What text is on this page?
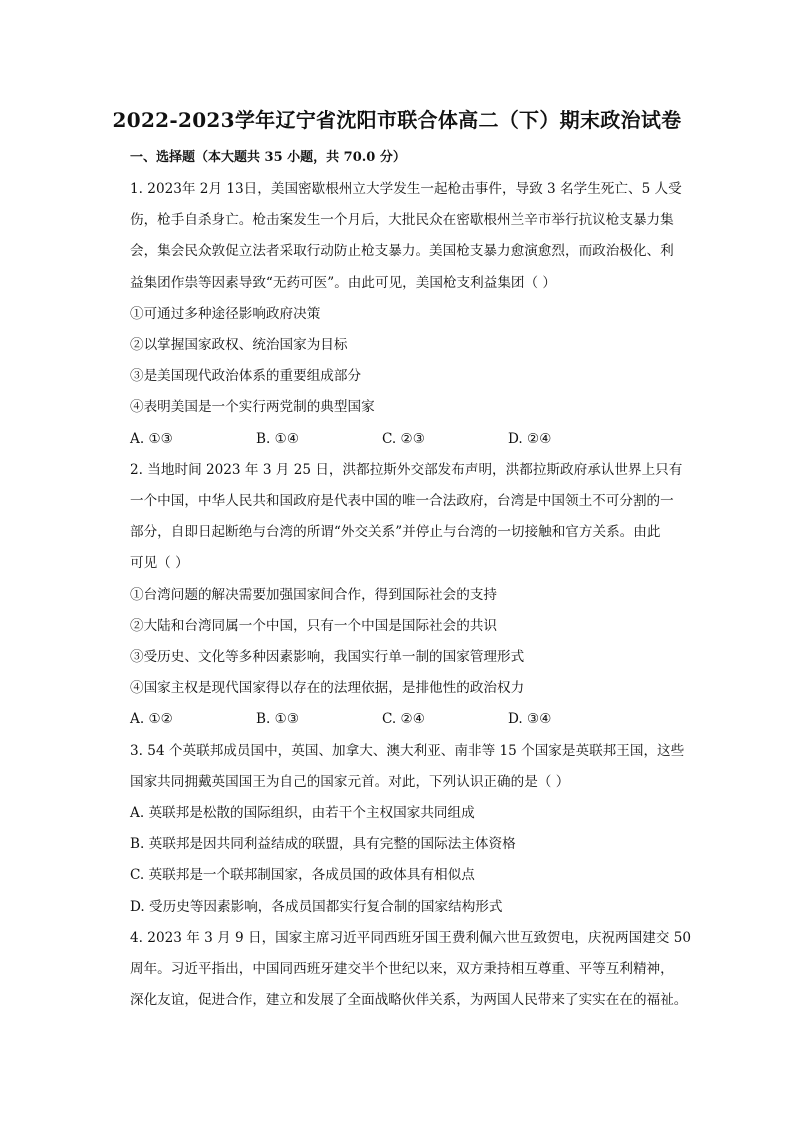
2022-2023学年辽宁省沈阳市联合体高二（下）期末政治试卷
一、选择题（本大题共 35 小题，共 70.0 分）
1. 2023年 2月 13日，美国密歇根州立大学发生一起枪击事件，导致 3 名学生死亡、5 人受
伤，枪手自杀身亡。枪击案发生一个月后，大批民众在密歇根州兰辛市举行抗议枪支暴力集
会，集会民众敦促立法者采取行动防止枪支暴力。美国枪支暴力愈演愈烈，而政治极化、利
益集团作祟等因素导致“无药可医”。由此可见，美国枪支利益集团（ ）
①可通过多种途径影响政府决策
②以掌握国家政权、统治国家为目标
③是美国现代政治体系的重要组成部分
④表明美国是一个实行两党制的典型国家
A. ①③	B. ①④	C. ②③	D. ②④
2. 当地时间 2023 年 3 月 25 日，洪都拉斯外交部发布声明，洪都拉斯政府承认世界上只有
一个中国，中华人民共和国政府是代表中国的唯一合法政府，台湾是中国领土不可分割的一
部分，自即日起断绝与台湾的所谓“外交关系”并停止与台湾的一切接触和官方关系。由此
可见（ ）
①台湾问题的解决需要加强国家间合作，得到国际社会的支持
②大陆和台湾同属一个中国，只有一个中国是国际社会的共识
③受历史、文化等多种因素影响，我国实行单一制的国家管理形式
④国家主权是现代国家得以存在的法理依据，是排他性的政治权力
A. ①②	B. ①③	C. ②④	D. ③④
3. 54 个英联邦成员国中，英国、加拿大、澳大利亚、南非等 15 个国家是英联邦王国，这些
国家共同拥戴英国国王为自己的国家元首。对此，下列认识正确的是（ ）
A. 英联邦是松散的国际组织，由若干个主权国家共同组成
B. 英联邦是因共同利益结成的联盟，具有完整的国际法主体资格
C. 英联邦是一个联邦制国家，各成员国的政体具有相似点
D. 受历史等因素影响，各成员国都实行复合制的国家结构形式
4. 2023 年 3 月 9 日，国家主席习近平同西班牙国王费利佩六世互致贺电，庆祝两国建交 50
周年。习近平指出，中国同西班牙建交半个世纪以来，双方秉持相互尊重、平等互利精神，
深化友谊，促进合作，建立和发展了全面战略伙伴关系，为两国人民带来了实实在在的福祉。
